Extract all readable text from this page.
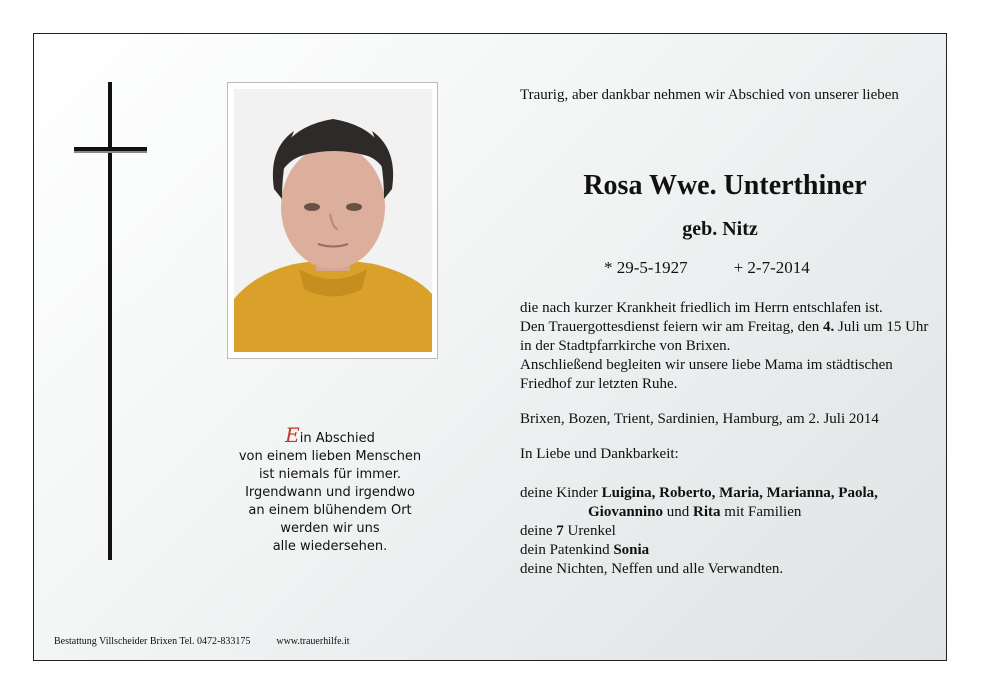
Ein Abschied
von einem lieben Menschen
ist niemals für immer.
Irgendwann und irgendwo
an einem blühendem Ort
werden wir uns
alle wiedersehen.
Traurig, aber dankbar nehmen wir Abschied von unserer lieben
Rosa Wwe. Unterthiner
geb. Nitz
* 29-5-1927	+ 2-7-2014

die nach kurzer Krankheit friedlich im Herrn entschlafen ist.

Den Trauergottesdienst feiern wir am Freitag, den 4. Juli um 15 Uhr in der Stadtpfarrkirche von Brixen.

Anschließend begleiten wir unsere liebe Mama im städtischen Friedhof zur letzten Ruhe.

Brixen, Bozen, Trient, Sardinien, Hamburg, am 2. Juli 2014

In Liebe und Dankbarkeit:

deine Kinder Luigina, Roberto, Maria, Marianna, Paola,

Giovannino und Rita mit Familien

deine 7 Urenkel

dein Patenkind Sonia

deine Nichten, Neffen und alle Verwandten.

Bestattung Villscheider Brixen Tel. 0472-833175	www.trauerhilfe.it
